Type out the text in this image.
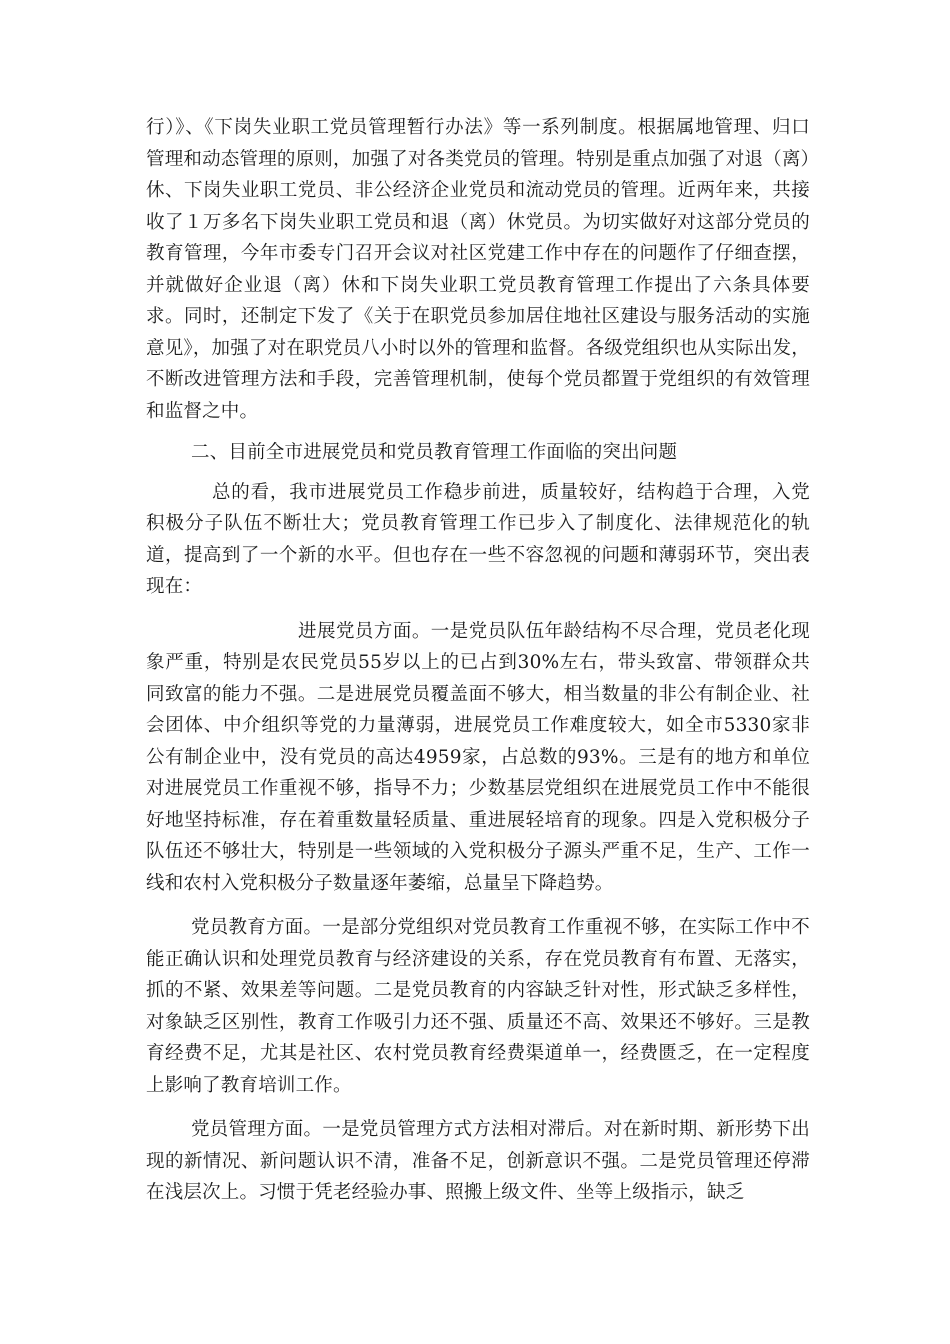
行）》、《下岗失业职工党员管理暂行办法》等一系列制度。根据属地管理、归口管理和动态管理的原则，加强了对各类党员的管理。特别是重点加强了对退（离）休、下岗失业职工党员、非公经济企业党员和流动党员的管理。近两年来，共接收了１万多名下岗失业职工党员和退（离）休党员。为切实做好对这部分党员的教育管理，今年市委专门召开会议对社区党建工作中存在的问题作了仔细查摆，并就做好企业退（离）休和下岗失业职工党员教育管理工作提出了六条具体要求。同时，还制定下发了《关于在职党员参加居住地社区建设与服务活动的实施意见》，加强了对在职党员八小时以外的管理和监督。各级党组织也从实际出发，不断改进管理方法和手段，完善管理机制，使每个党员都置于党组织的有效管理和监督之中。

二、目前全市进展党员和党员教育管理工作面临的突出问题

总的看，我市进展党员工作稳步前进，质量较好，结构趋于合理，入党积极分子队伍不断壮大；党员教育管理工作已步入了制度化、法律规范化的轨道，提高到了一个新的水平。但也存在一些不容忽视的问题和薄弱环节，突出表现在：

进展党员方面。一是党员队伍年龄结构不尽合理，党员老化现象严重，特别是农民党员55岁以上的已占到30%左右，带头致富、带领群众共同致富的能力不强。二是进展党员覆盖面不够大，相当数量的非公有制企业、社会团体、中介组织等党的力量薄弱，进展党员工作难度较大，如全市5330家非公有制企业中，没有党员的高达4959家，占总数的93%。三是有的地方和单位对进展党员工作重视不够，指导不力；少数基层党组织在进展党员工作中不能很好地坚持标准，存在着重数量轻质量、重进展轻培育的现象。四是入党积极分子队伍还不够壮大，特别是一些领域的入党积极分子源头严重不足，生产、工作一线和农村入党积极分子数量逐年萎缩，总量呈下降趋势。

党员教育方面。一是部分党组织对党员教育工作重视不够，在实际工作中不能正确认识和处理党员教育与经济建设的关系，存在党员教育有布置、无落实，抓的不紧、效果差等问题。二是党员教育的内容缺乏针对性，形式缺乏多样性，对象缺乏区别性，教育工作吸引力还不强、质量还不高、效果还不够好。三是教育经费不足，尤其是社区、农村党员教育经费渠道单一，经费匮乏，在一定程度上影响了教育培训工作。

党员管理方面。一是党员管理方式方法相对滞后。对在新时期、新形势下出现的新情况、新问题认识不清，准备不足，创新意识不强。二是党员管理还停滞在浅层次上。习惯于凭老经验办事、照搬上级文件、坐等上级指示，缺乏
